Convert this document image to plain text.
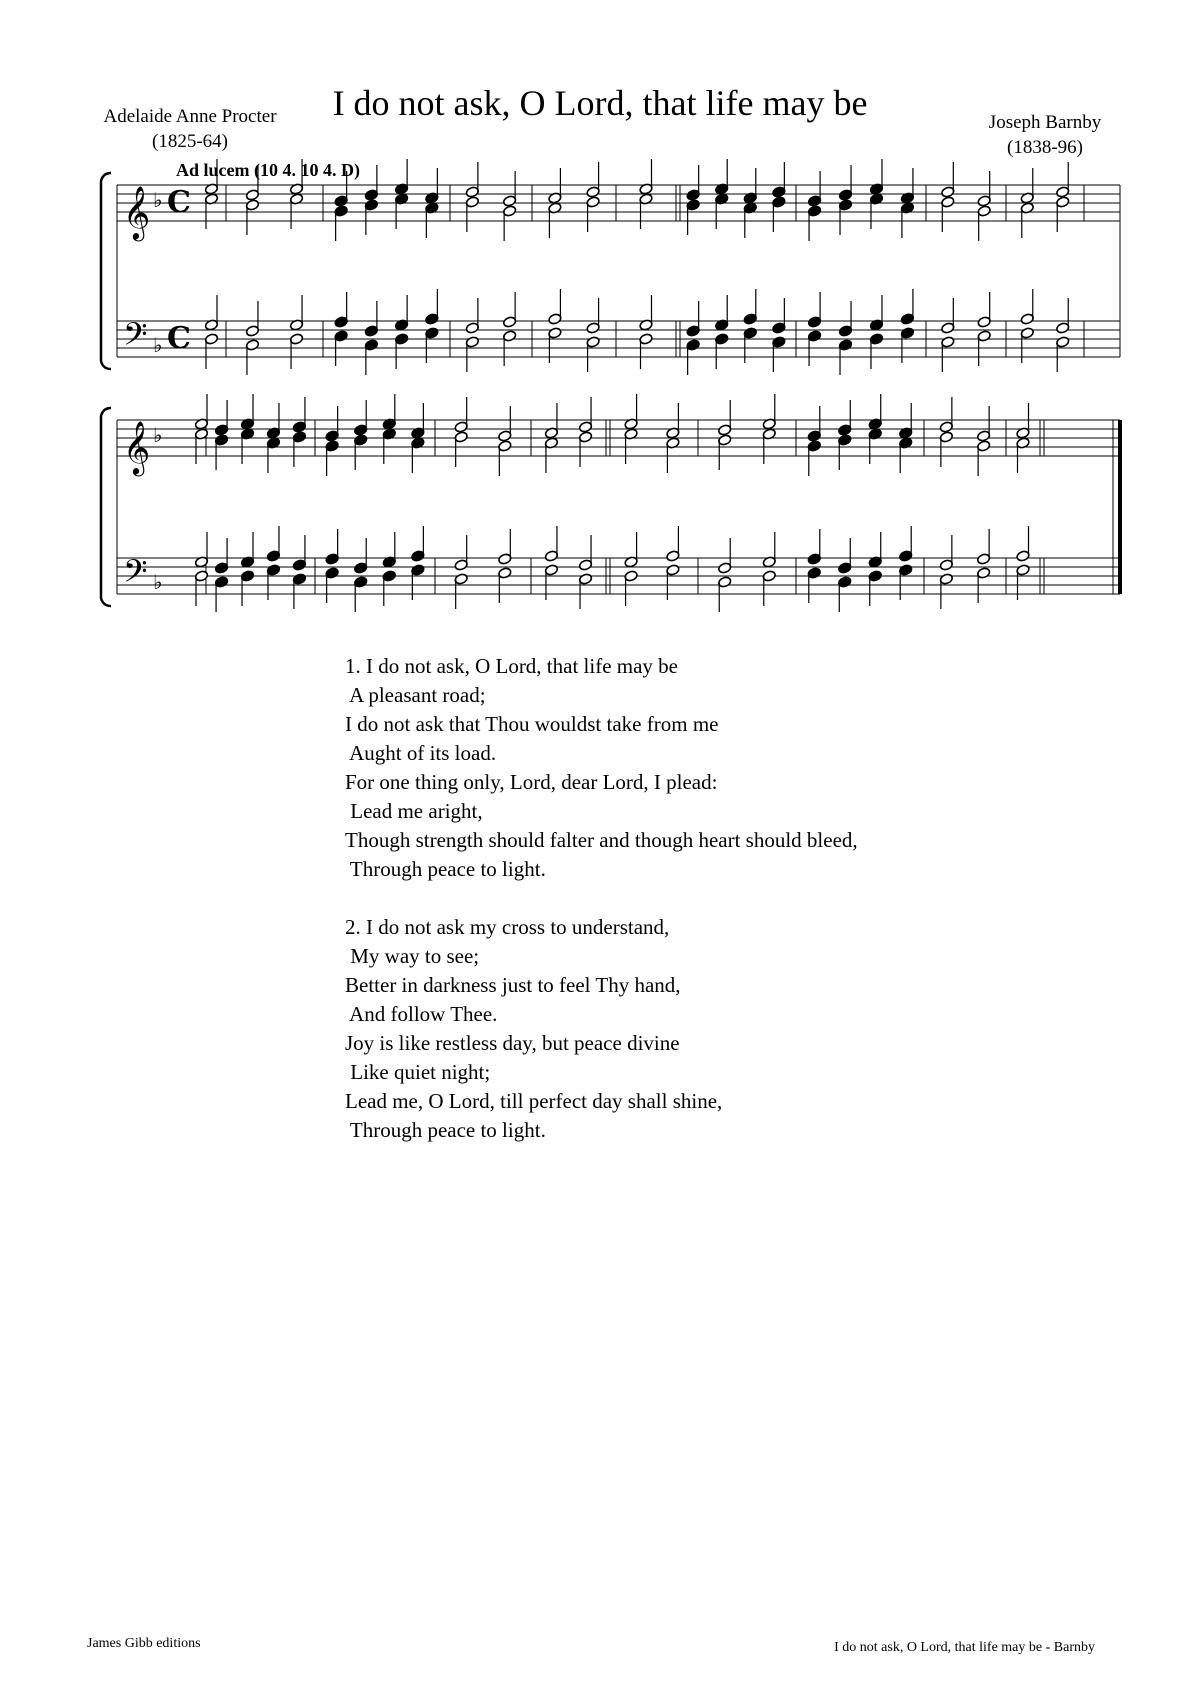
I do not ask, O Lord, that life may be
Adelaide Anne Procter
(1825-64)
Joseph Barnby
(1838-96)
Ad lucem (10 4. 10 4. D)
𝄞
𝄢
♭
♭
C
C
𝄞
𝄢
♭
♭
1. I do not ask, O Lord, that life may be
A pleasant road;
I do not ask that Thou wouldst take from me
Aught of its load.
For one thing only, Lord, dear Lord, I plead:
Lead me aright,
Though strength should falter and though heart should bleed,
Through peace to light.
2. I do not ask my cross to understand,
My way to see;
Better in darkness just to feel Thy hand,
And follow Thee.
Joy is like restless day, but peace divine
Like quiet night;
Lead me, O Lord, till perfect day shall shine,
Through peace to light.
James Gibb editions	I do not ask, O Lord, that life may be - Barnby
